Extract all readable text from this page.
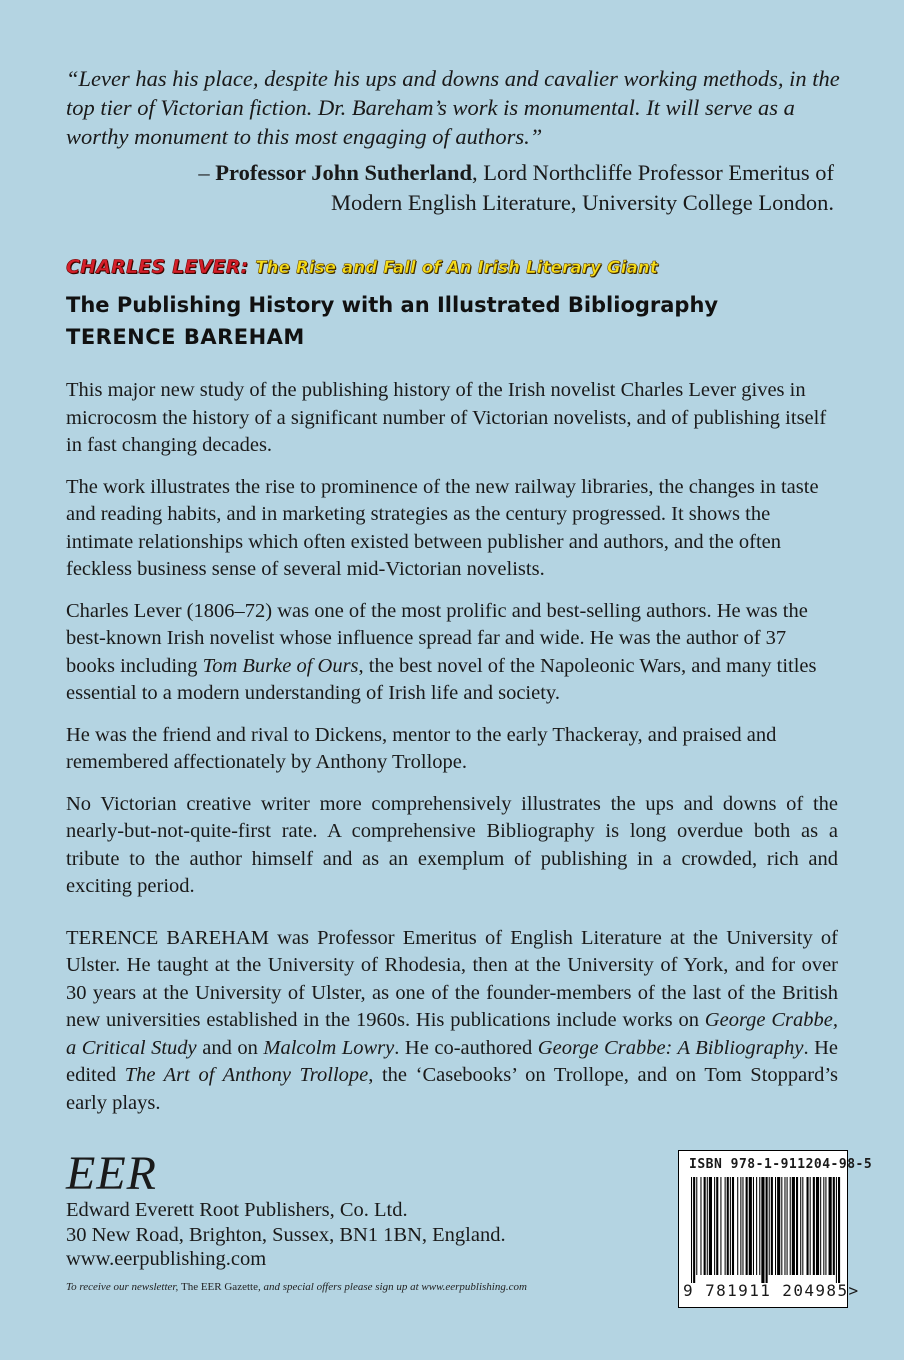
“Lever has his place, despite his ups and downs and cavalier working methods, in the top tier of Victorian fiction. Dr. Bareham’s work is monumental. It will serve as a worthy monument to this most engaging of authors.”
– Professor John Sutherland, Lord Northcliffe Professor Emeritus of Modern English Literature, University College London.
CHARLES LEVER: The Rise and Fall of An Irish Literary Giant
The Publishing History with an Illustrated Bibliography
TERENCE BAREHAM

This major new study of the publishing history of the Irish novelist Charles Lever gives in microcosm the history of a significant number of Victorian novelists, and of publishing itself in fast changing decades.

The work illustrates the rise to prominence of the new railway libraries, the changes in taste and reading habits, and in marketing strategies as the century progressed. It shows the intimate relationships which often existed between publisher and authors, and the often feckless business sense of several mid-Victorian novelists.

Charles Lever (1806–72) was one of the most prolific and best-selling authors. He was the best-known Irish novelist whose influence spread far and wide. He was the author of 37 books including Tom Burke of Ours, the best novel of the Napoleonic Wars, and many titles essential to a modern understanding of Irish life and society.

He was the friend and rival to Dickens, mentor to the early Thackeray, and praised and remembered affectionately by Anthony Trollope.

No Victorian creative writer more comprehensively illustrates the ups and downs of the nearly-but-not-quite-first rate. A comprehensive Bibliography is long overdue both as a tribute to the author himself and as an exemplum of publishing in a crowded, rich and exciting period.

TERENCE BAREHAM was Professor Emeritus of English Literature at the University of Ulster. He taught at the University of Rhodesia, then at the University of York, and for over 30 years at the University of Ulster, as one of the founder-members of the last of the British new universities established in the 1960s. His publications include works on George Crabbe, a Critical Study and on Malcolm Lowry. He co-authored George Crabbe: A Bibliography. He edited The Art of Anthony Trollope, the ‘Casebooks’ on Trollope, and on Tom Stoppard’s early plays.

EER
Edward Everett Root Publishers, Co. Ltd.
30 New Road, Brighton, Sussex, BN1 1BN, England.
www.eerpublishing.com
To receive our newsletter, The EER Gazette, and special offers please sign up at www.eerpublishing.com
ISBN 978-1-911204-98-5
9 781911 204985>
